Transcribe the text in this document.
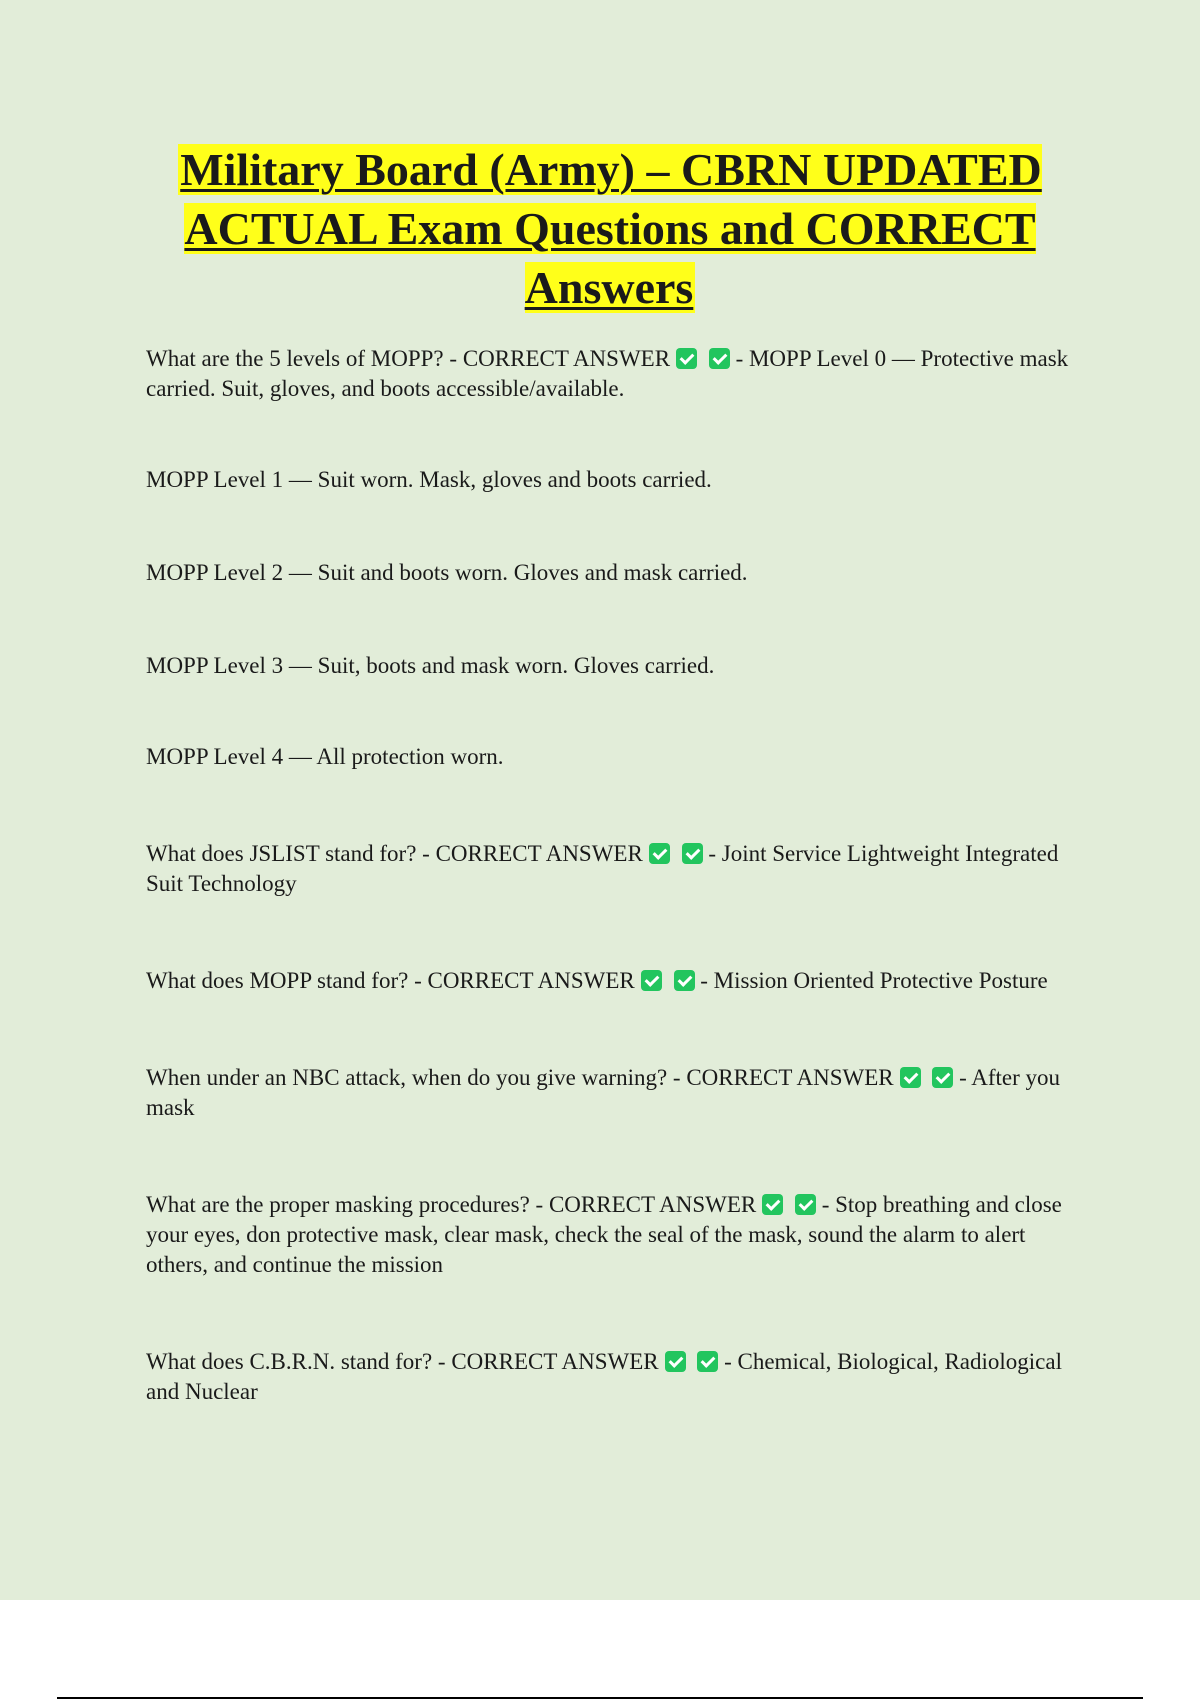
Military Board (Army) – CBRN UPDATED ACTUAL Exam Questions and CORRECT Answers

What are the 5 levels of MOPP? - CORRECT ANSWER	- MOPP Level 0 — Protective mask carried. Suit, gloves, and boots accessible/available.

MOPP Level 1 — Suit worn. Mask, gloves and boots carried.

MOPP Level 2 — Suit and boots worn. Gloves and mask carried.

MOPP Level 3 — Suit, boots and mask worn. Gloves carried.

MOPP Level 4 — All protection worn.

What does JSLIST stand for? - CORRECT ANSWER	- Joint Service Lightweight Integrated Suit Technology

What does MOPP stand for? - CORRECT ANSWER	- Mission Oriented Protective Posture

When under an NBC attack, when do you give warning? - CORRECT ANSWER	- After you mask

What are the proper masking procedures? - CORRECT ANSWER	- Stop breathing and close your eyes, don protective mask, clear mask, check the seal of the mask, sound the alarm to alert others, and continue the mission

What does C.B.R.N. stand for? - CORRECT ANSWER	- Chemical, Biological, Radiological and Nuclear
